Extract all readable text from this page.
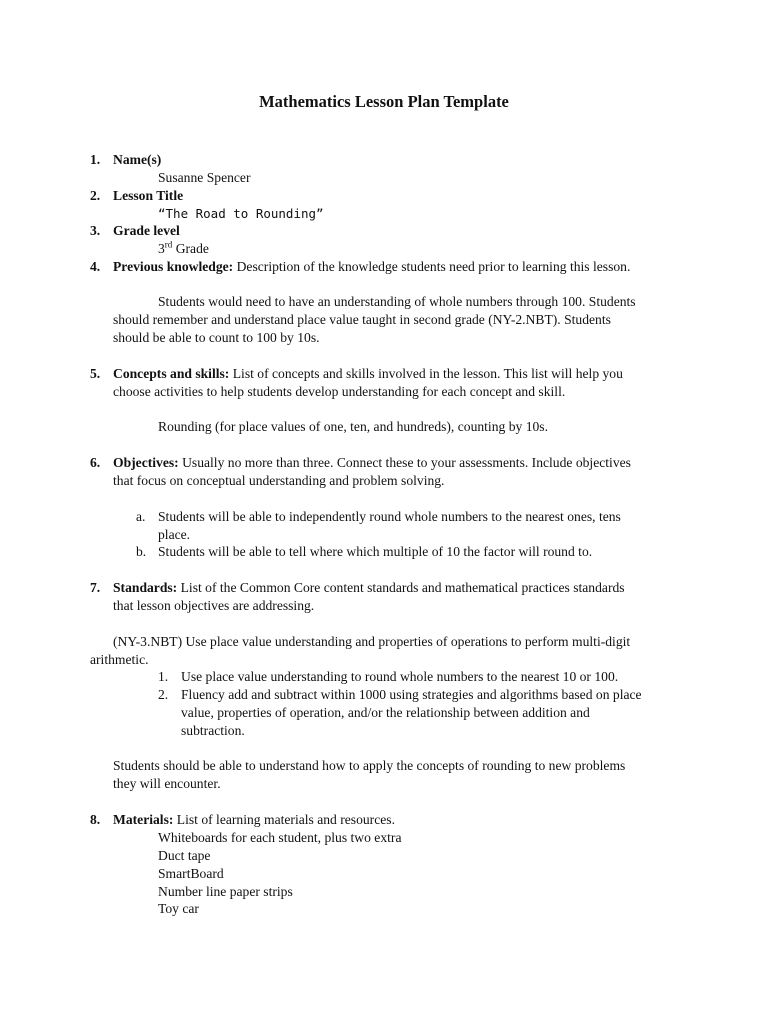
Mathematics Lesson Plan Template
1. Name(s)
Susanne Spencer
2. Lesson Title
“The Road to Rounding”
3. Grade level
3rd Grade
4. Previous knowledge: Description of the knowledge students need prior to learning this lesson.
Students would need to have an understanding of whole numbers through 100. Students
should remember and understand place value taught in second grade (NY-2.NBT). Students
should be able to count to 100 by 10s.
5. Concepts and skills: List of concepts and skills involved in the lesson. This list will help you
choose activities to help students develop understanding for each concept and skill.
Rounding (for place values of one, ten, and hundreds), counting by 10s.
6. Objectives: Usually no more than three. Connect these to your assessments. Include objectives
that focus on conceptual understanding and problem solving.
a. Students will be able to independently round whole numbers to the nearest ones, tens
place.
b. Students will be able to tell where which multiple of 10 the factor will round to.
7. Standards: List of the Common Core content standards and mathematical practices standards
that lesson objectives are addressing.
(NY-3.NBT) Use place value understanding and properties of operations to perform multi-digit
arithmetic.
1. Use place value understanding to round whole numbers to the nearest 10 or 100.
2. Fluency add and subtract within 1000 using strategies and algorithms based on place
value, properties of operation, and/or the relationship between addition and
subtraction.
Students should be able to understand how to apply the concepts of rounding to new problems
they will encounter.
8. Materials: List of learning materials and resources.
Whiteboards for each student, plus two extra
Duct tape
SmartBoard
Number line paper strips
Toy car
